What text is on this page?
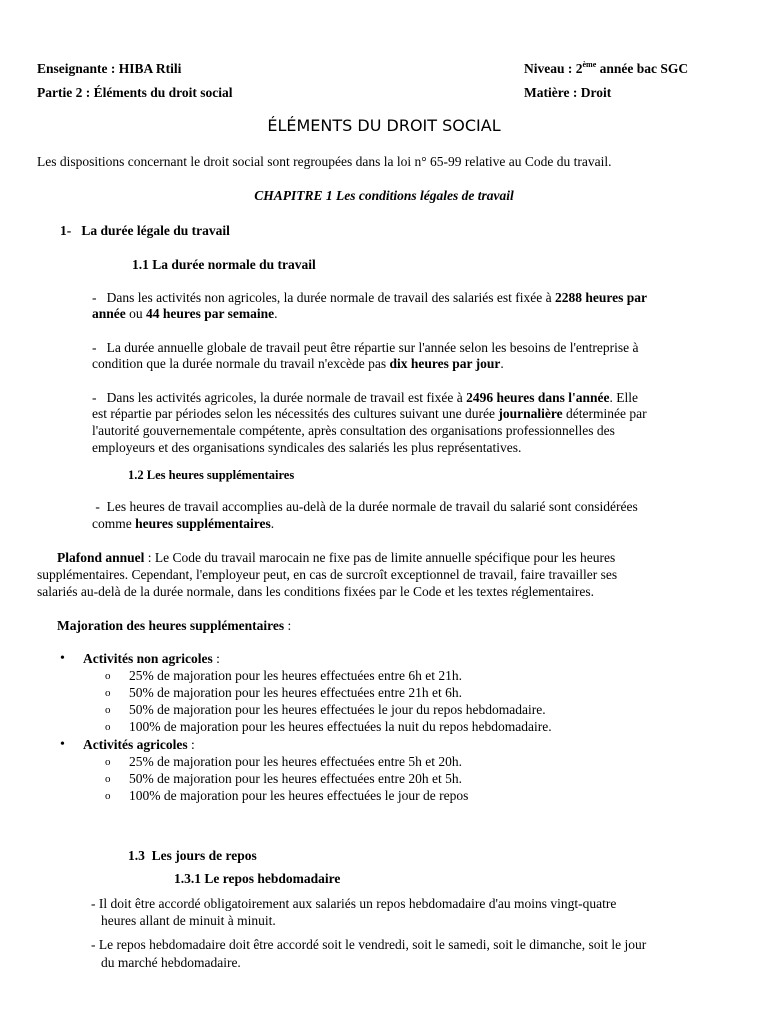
Enseignante : HIBA Rtili	Niveau : 2ème année bac SGC
Partie 2 : Éléments du droit social	Matière : Droit
ÉLÉMENTS DU DROIT SOCIAL
Les dispositions concernant le droit social sont regroupées dans la loi n° 65-99 relative au Code du travail.
CHAPITRE 1 Les conditions légales de travail
1-   La durée légale du travail
1.1 La durée normale du travail
-   Dans les activités non agricoles, la durée normale de travail des salariés est fixée à 2288 heures par
année ou 44 heures par semaine.
-   La durée annuelle globale de travail peut être répartie sur l'année selon les besoins de l'entreprise à
condition que la durée normale du travail n'excède pas dix heures par jour.
-   Dans les activités agricoles, la durée normale de travail est fixée à 2496 heures dans l'année. Elle
est répartie par périodes selon les nécessités des cultures suivant une durée journalière déterminée par
l'autorité gouvernementale compétente, après consultation des organisations professionnelles des
employeurs et des organisations syndicales des salariés les plus représentatives.
1.2 Les heures supplémentaires
-  Les heures de travail accomplies au-delà de la durée normale de travail du salarié sont considérées
comme heures supplémentaires.
Plafond annuel : Le Code du travail marocain ne fixe pas de limite annuelle spécifique pour les heures
supplémentaires. Cependant, l'employeur peut, en cas de surcroît exceptionnel de travail, faire travailler ses
salariés au-delà de la durée normale, dans les conditions fixées par le Code et les textes réglementaires.
Majoration des heures supplémentaires :
• Activités non agricoles :
o 25% de majoration pour les heures effectuées entre 6h et 21h.
o 50% de majoration pour les heures effectuées entre 21h et 6h.
o 50% de majoration pour les heures effectuées le jour du repos hebdomadaire.
o 100% de majoration pour les heures effectuées la nuit du repos hebdomadaire.
• Activités agricoles :
o 25% de majoration pour les heures effectuées entre 5h et 20h.
o 50% de majoration pour les heures effectuées entre 20h et 5h.
o 100% de majoration pour les heures effectuées le jour de repos
1.3  Les jours de repos
1.3.1 Le repos hebdomadaire
- Il doit être accordé obligatoirement aux salariés un repos hebdomadaire d'au moins vingt-quatre
heures allant de minuit à minuit.
- Le repos hebdomadaire doit être accordé soit le vendredi, soit le samedi, soit le dimanche, soit le jour
du marché hebdomadaire.
